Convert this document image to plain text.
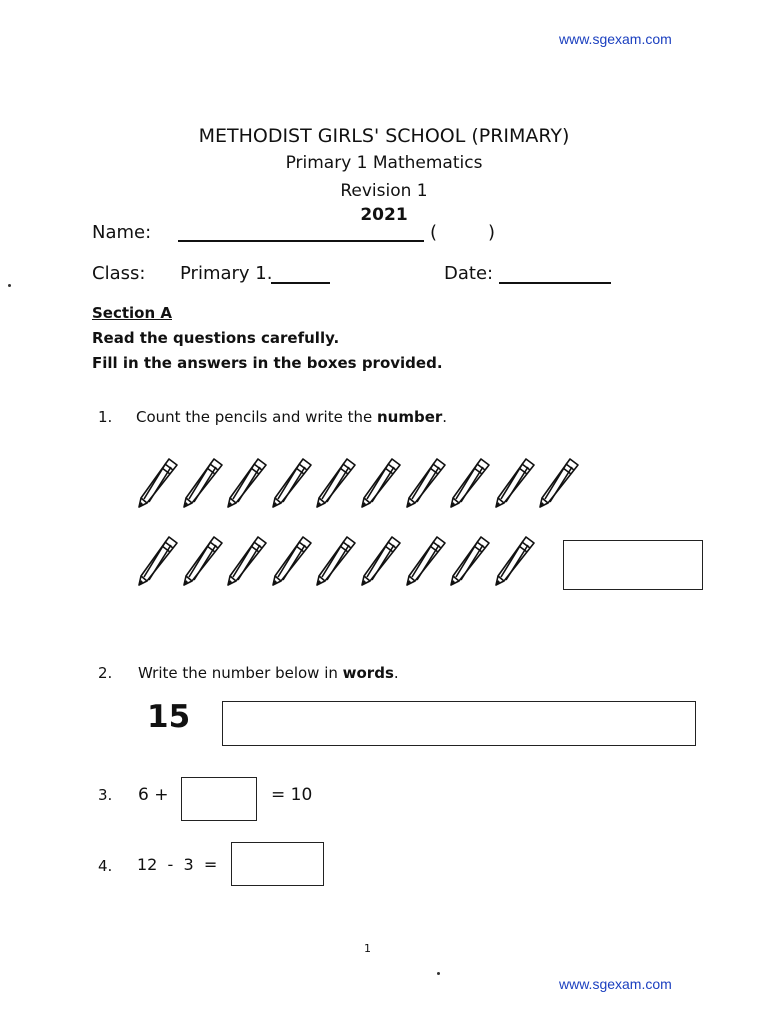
www.sgexam.com
METHODIST GIRLS' SCHOOL (PRIMARY)
Primary 1 Mathematics
Revision 1
2021
Name:	(	)
Class: Primary 1.	Date:
Section A
Read the questions carefully.
Fill in the answers in the boxes provided.
1. Count the pencils and write the number.
2. Write the number below in words.
15
3. 6 +	= 10
4. 12  -  3  =
1
www.sgexam.com
